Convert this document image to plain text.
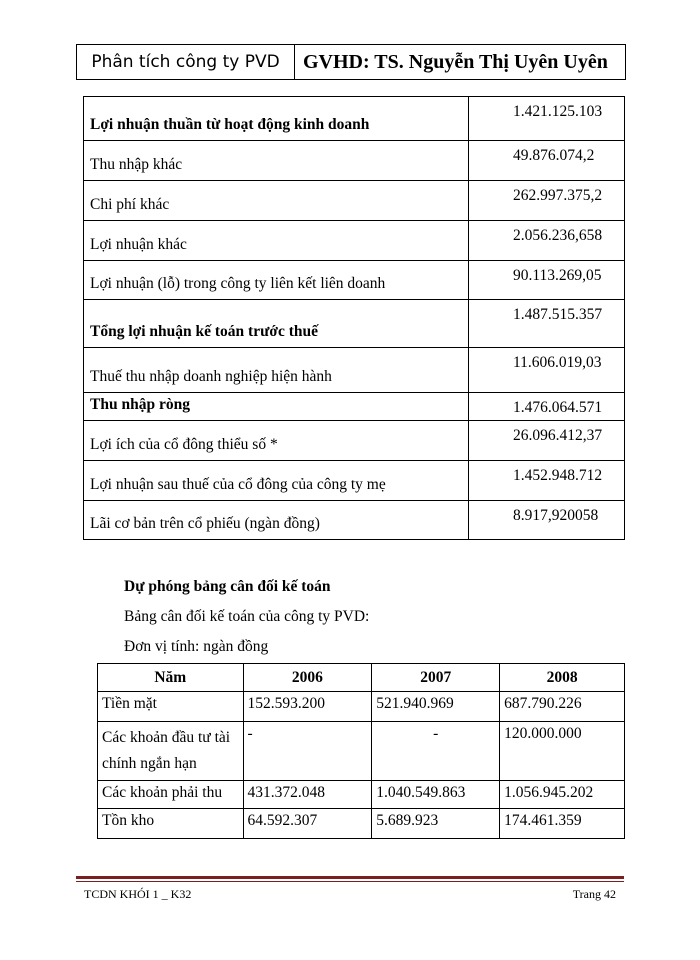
Phân tích công ty PVD	GVHD: TS. Nguyễn Thị Uyên Uyên
Lợi nhuận thuần từ hoạt động kinh doanh	1.421.125.103
Thu nhập khác	49.876.074,2
Chi phí khác	262.997.375,2
Lợi nhuận khác	2.056.236,658
Lợi nhuận (lỗ) trong công ty liên kết liên doanh	90.113.269,05
Tổng lợi nhuận kế toán trước thuế	1.487.515.357
Thuế thu nhập doanh nghiệp hiện hành	11.606.019,03
Thu nhập ròng	1.476.064.571
Lợi ích của cổ đông thiểu số *	26.096.412,37
Lợi nhuận sau thuế của cổ đông của công ty mẹ	1.452.948.712
Lãi cơ bản trên cổ phiếu (ngàn đồng)	8.917,920058
Dự phóng bảng cân đối kế toán
Bảng cân đối kế toán của công ty PVD:
Đơn vị tính: ngàn đồng
Năm	2006	2007	2008
Tiền mặt	152.593.200	521.940.969	687.790.226
Các khoản đầu tư tài chính ngắn hạn	-	-	120.000.000
Các khoản phải thu	431.372.048	1.040.549.863	1.056.945.202
Tồn kho	64.592.307	5.689.923	174.461.359
TCDN KHÓI 1 _ K32	Trang 42
